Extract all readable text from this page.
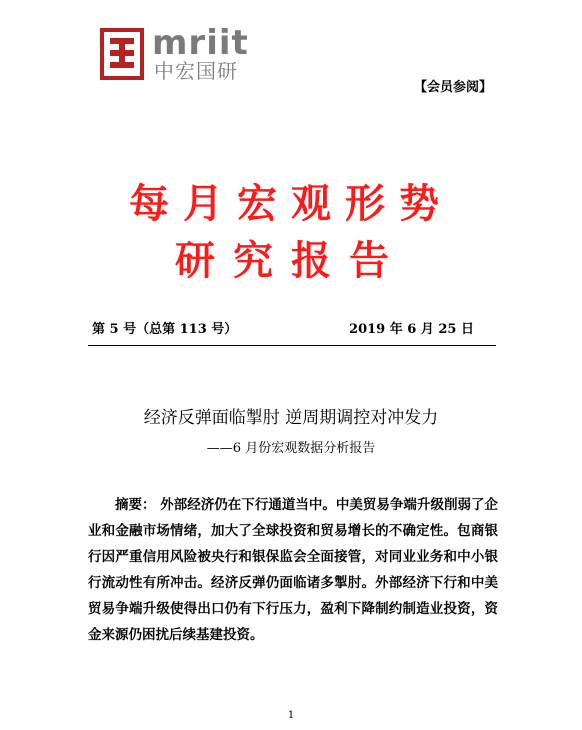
mriit
中宏国研
【会员参阅】
每月宏观形势
研究报告
第 5 号（总第 113 号）	2019 年 6 月 25 日
经济反弹面临掣肘 逆周期调控对冲发力
——6 月份宏观数据分析报告
摘要： 外部经济仍在下行通道当中。中美贸易争端升级削弱了企业和金融市场情绪，加大了全球投资和贸易增长的不确定性。包商银行因严重信用风险被央行和银保监会全面接管，对同业业务和中小银行流动性有所冲击。经济反弹仍面临诸多掣肘。外部经济下行和中美贸易争端升级使得出口仍有下行压力，盈利下降制约制造业投资，资金来源仍困扰后续基建投资。
1
